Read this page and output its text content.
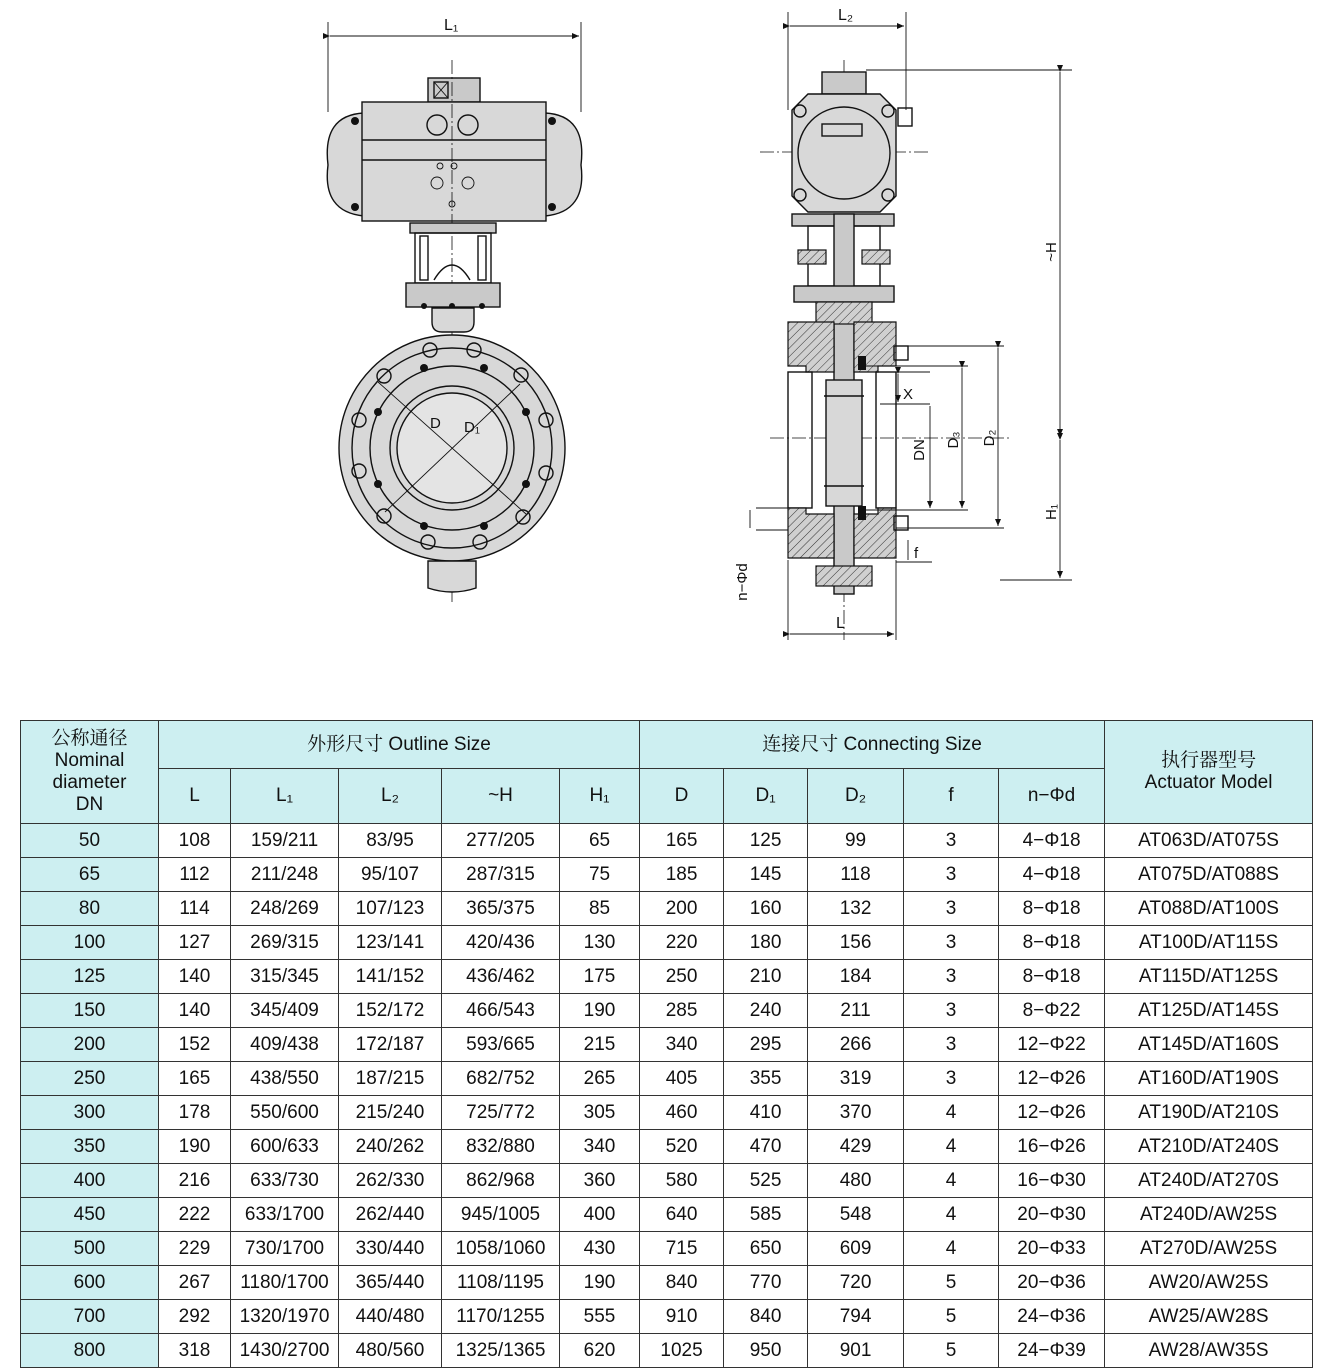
L₁
D D₁
L₂
X
DN D₃ D₂
~H
H₁
f
n−Φd
L
公称通径
Nominal
diameter
DN	外形尺寸 Outline Size					连接尺寸 Connecting Size					执行器型号
Actuator Model

	L	L₁	L₂	~H	H₁	D	D₁	D₂	f	n−Φd	
50	108	159/211	83/95	277/205	65	165	125	99	3	4−Φ18	AT063D/AT075S
65	112	211/248	95/107	287/315	75	185	145	118	3	4−Φ18	AT075D/AT088S
80	114	248/269	107/123	365/375	85	200	160	132	3	8−Φ18	AT088D/AT100S
100	127	269/315	123/141	420/436	130	220	180	156	3	8−Φ18	AT100D/AT115S
125	140	315/345	141/152	436/462	175	250	210	184	3	8−Φ18	AT115D/AT125S
150	140	345/409	152/172	466/543	190	285	240	211	3	8−Φ22	AT125D/AT145S
200	152	409/438	172/187	593/665	215	340	295	266	3	12−Φ22	AT145D/AT160S
250	165	438/550	187/215	682/752	265	405	355	319	3	12−Φ26	AT160D/AT190S
300	178	550/600	215/240	725/772	305	460	410	370	4	12−Φ26	AT190D/AT210S
350	190	600/633	240/262	832/880	340	520	470	429	4	16−Φ26	AT210D/AT240S
400	216	633/730	262/330	862/968	360	580	525	480	4	16−Φ30	AT240D/AT270S
450	222	633/1700	262/440	945/1005	400	640	585	548	4	20−Φ30	AT240D/AW25S
500	229	730/1700	330/440	1058/1060	430	715	650	609	4	20−Φ33	AT270D/AW25S
600	267	1180/1700	365/440	1108/1195	190	840	770	720	5	20−Φ36	AW20/AW25S
700	292	1320/1970	440/480	1170/1255	555	910	840	794	5	24−Φ36	AW25/AW28S
800	318	1430/2700	480/560	1325/1365	620	1025	950	901	5	24−Φ39	AW28/AW35S
